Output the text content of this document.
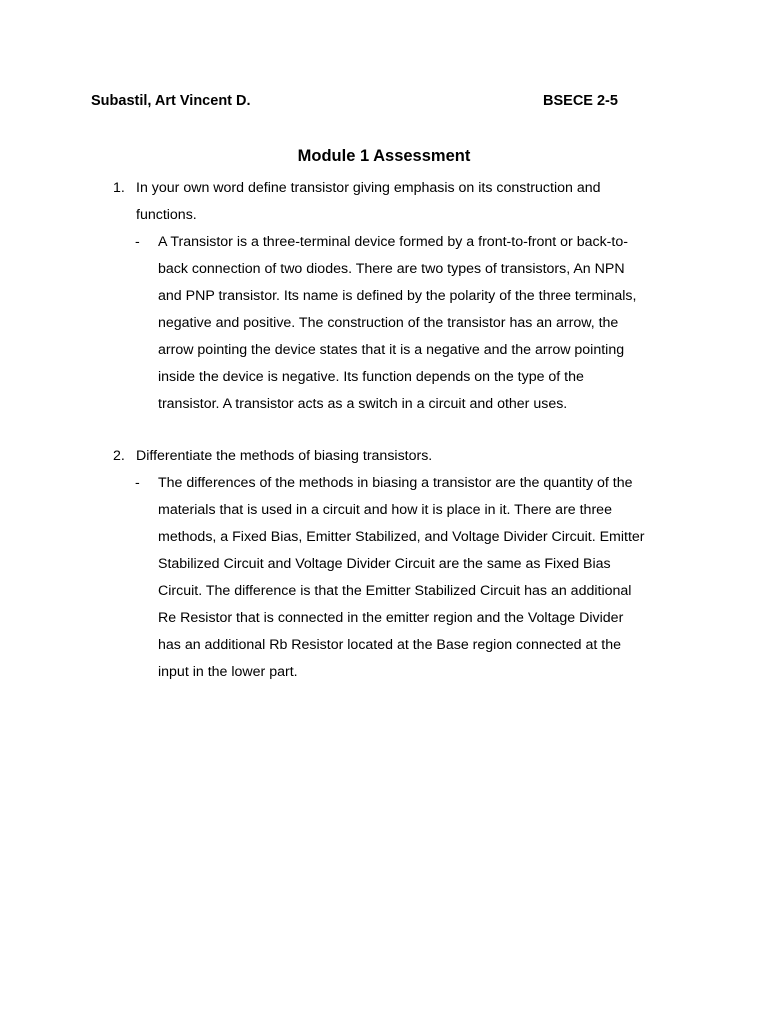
Subastil, Art Vincent D.	BSECE 2-5
Module 1 Assessment
1. In your own word define transistor giving emphasis on its construction and
functions.
- A Transistor is a three-terminal device formed by a front-to-front or back-to-
back connection of two diodes. There are two types of transistors, An NPN
and PNP transistor. Its name is defined by the polarity of the three terminals,
negative and positive. The construction of the transistor has an arrow, the
arrow pointing the device states that it is a negative and the arrow pointing
inside the device is negative. Its function depends on the type of the
transistor. A transistor acts as a switch in a circuit and other uses.
2. Differentiate the methods of biasing transistors.
- The differences of the methods in biasing a transistor are the quantity of the
materials that is used in a circuit and how it is place in it. There are three
methods, a Fixed Bias, Emitter Stabilized, and Voltage Divider Circuit. Emitter
Stabilized Circuit and Voltage Divider Circuit are the same as Fixed Bias
Circuit. The difference is that the Emitter Stabilized Circuit has an additional
Re Resistor that is connected in the emitter region and the Voltage Divider
has an additional Rb Resistor located at the Base region connected at the
input in the lower part.
